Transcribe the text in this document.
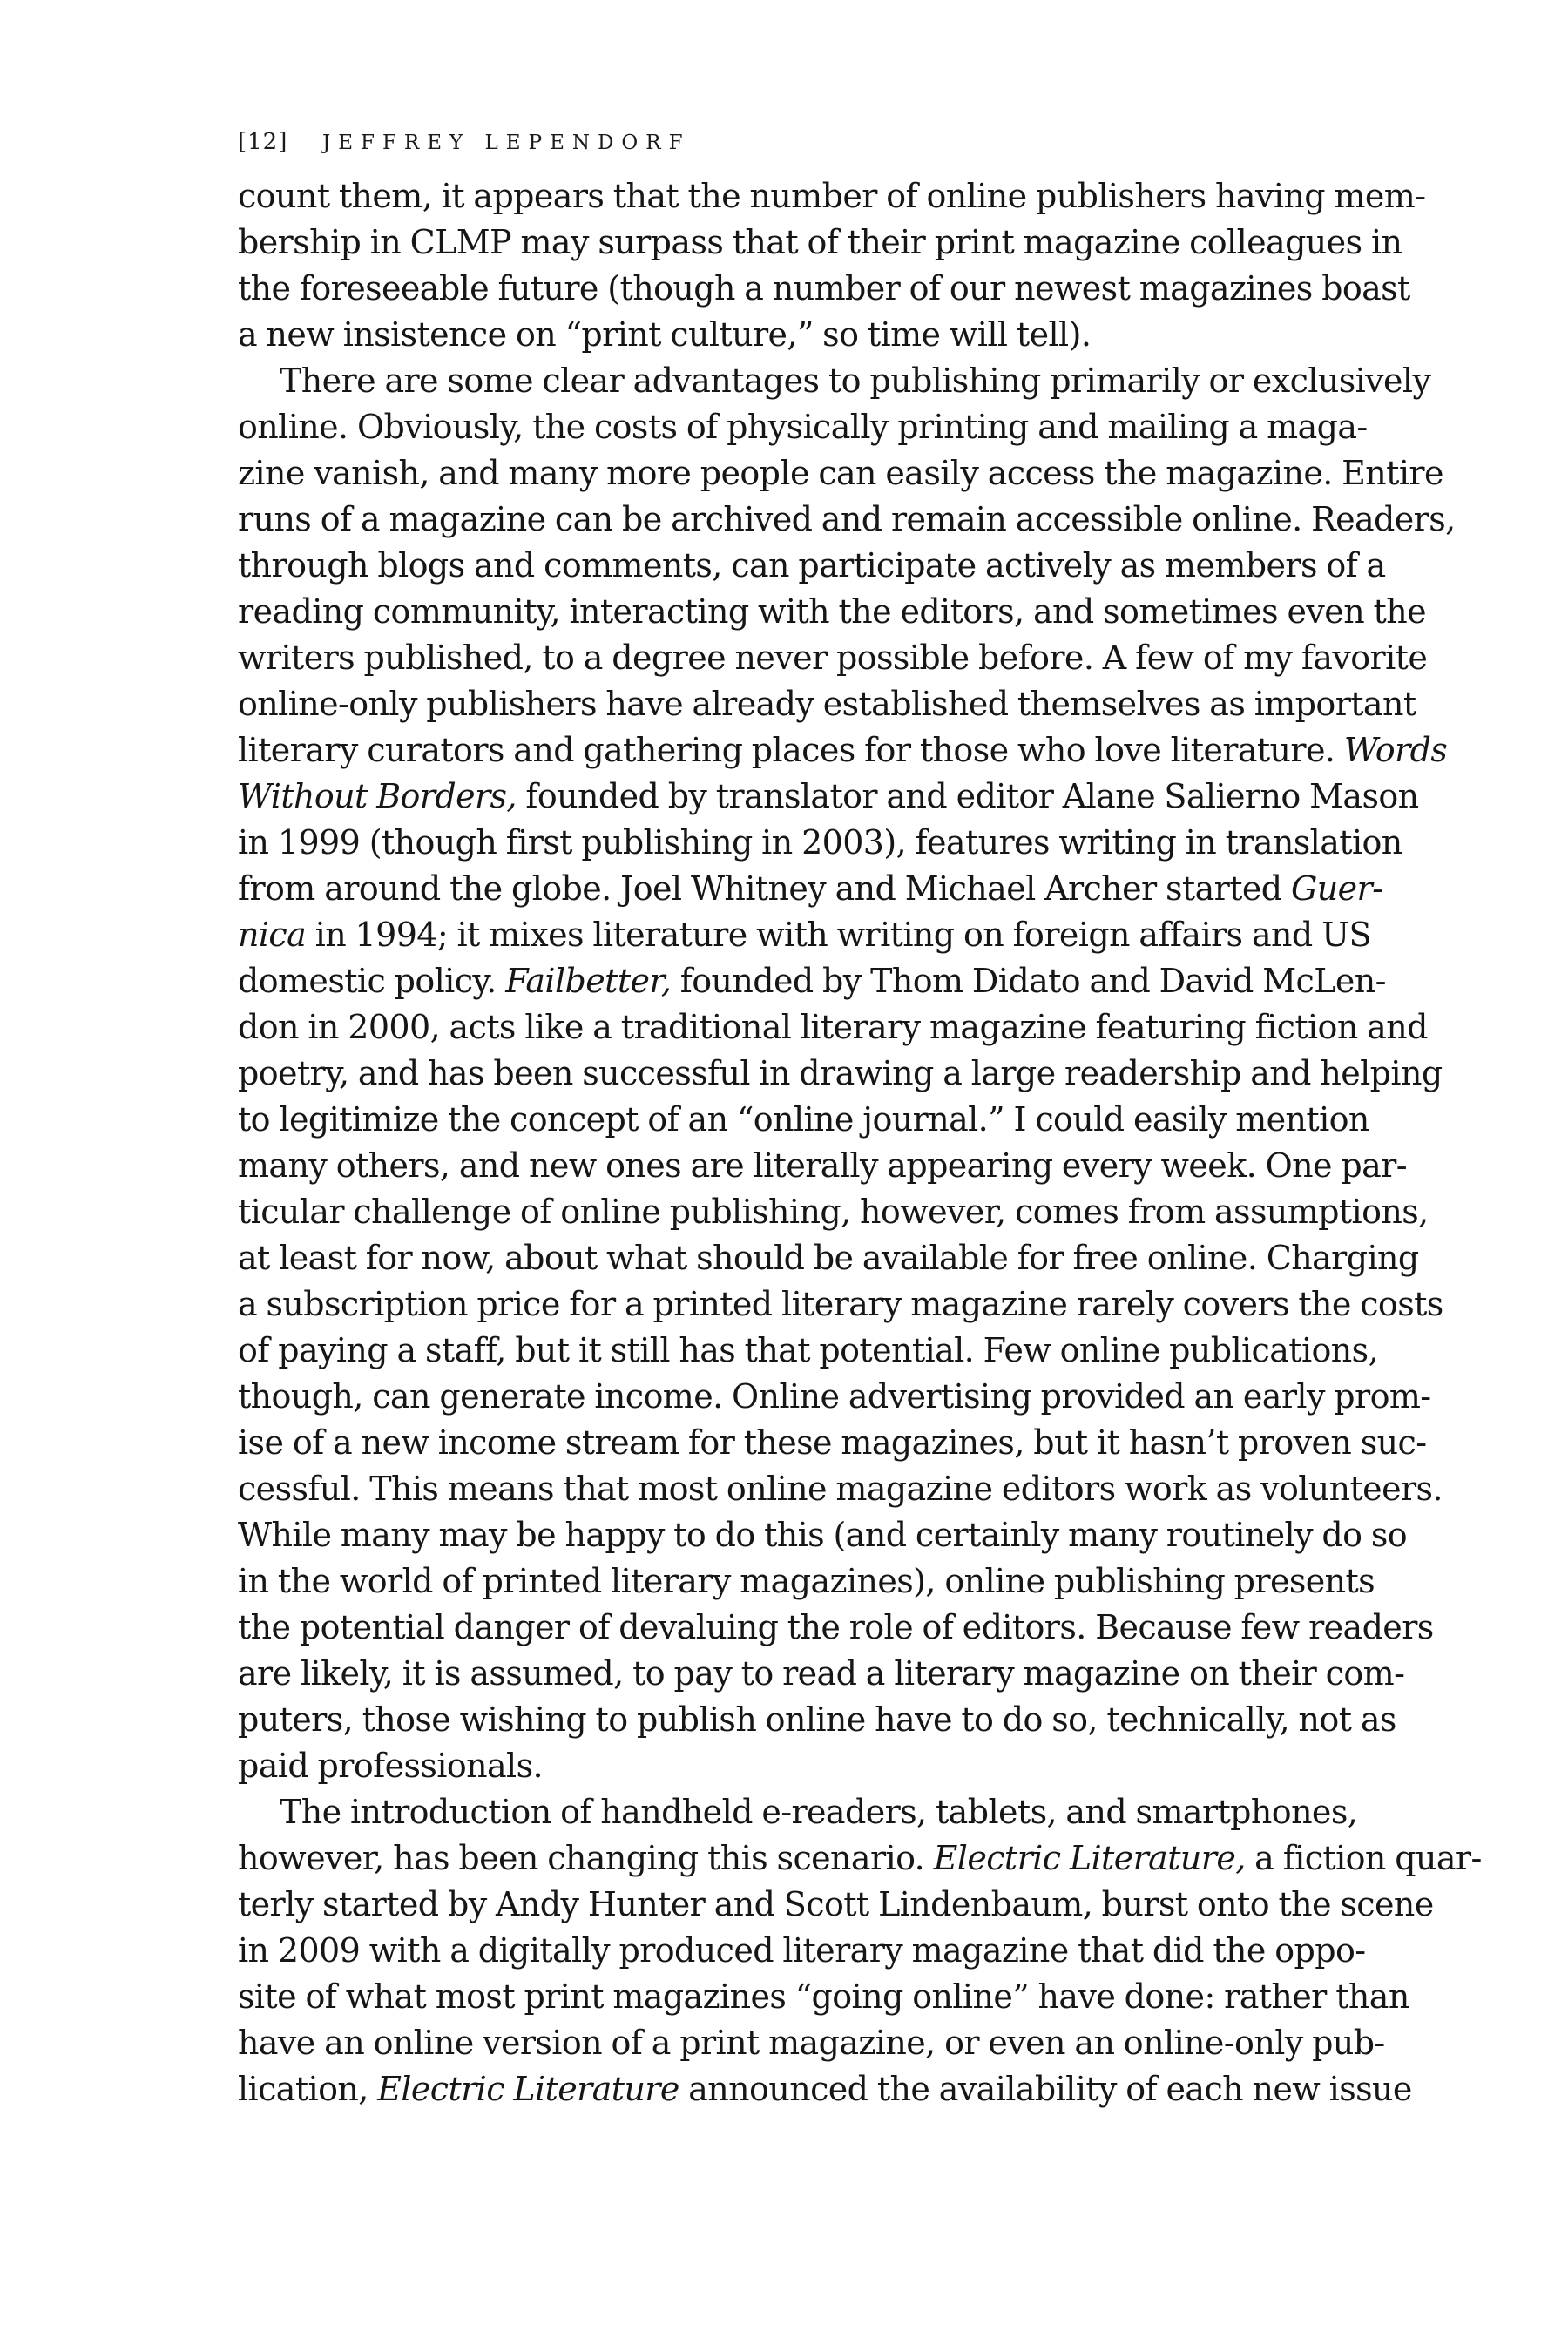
[12] JEFFREY LEPENDORF
count them, it appears that the number of online publishers having mem-
bership in CLMP may surpass that of their print magazine colleagues in
the foreseeable future (though a number of our newest magazines boast
a new insistence on “print culture,” so time will tell).
There are some clear advantages to publishing primarily or exclusively
online. Obviously, the costs of physically printing and mailing a maga-
zine vanish, and many more people can easily access the magazine. Entire
runs of a magazine can be archived and remain accessible online. Readers,
through blogs and comments, can participate actively as members of a
reading community, interacting with the editors, and sometimes even the
writers published, to a degree never possible before. A few of my favorite
online-only publishers have already established themselves as important
literary curators and gathering places for those who love literature. Words
Without Borders, founded by translator and editor Alane Salierno Mason
in 1999 (though first publishing in 2003), features writing in translation
from around the globe. Joel Whitney and Michael Archer started Guer-
nica in 1994; it mixes literature with writing on foreign affairs and US
domestic policy. Failbetter, founded by Thom Didato and David McLen-
don in 2000, acts like a traditional literary magazine featuring fiction and
poetry, and has been successful in drawing a large readership and helping
to legitimize the concept of an “online journal.” I could easily mention
many others, and new ones are literally appearing every week. One par-
ticular challenge of online publishing, however, comes from assumptions,
at least for now, about what should be available for free online. Charging
a subscription price for a printed literary magazine rarely covers the costs
of paying a staff, but it still has that potential. Few online publications,
though, can generate income. Online advertising provided an early prom-
ise of a new income stream for these magazines, but it hasn’t proven suc-
cessful. This means that most online magazine editors work as volunteers.
While many may be happy to do this (and certainly many routinely do so
in the world of printed literary magazines), online publishing presents
the potential danger of devaluing the role of editors. Because few readers
are likely, it is assumed, to pay to read a literary magazine on their com-
puters, those wishing to publish online have to do so, technically, not as
paid professionals.
The introduction of handheld e-readers, tablets, and smartphones,
however, has been changing this scenario. Electric Literature, a fiction quar-
terly started by Andy Hunter and Scott Lindenbaum, burst onto the scene
in 2009 with a digitally produced literary magazine that did the oppo-
site of what most print magazines “going online” have done: rather than
have an online version of a print magazine, or even an online-only pub-
lication, Electric Literature announced the availability of each new issue
